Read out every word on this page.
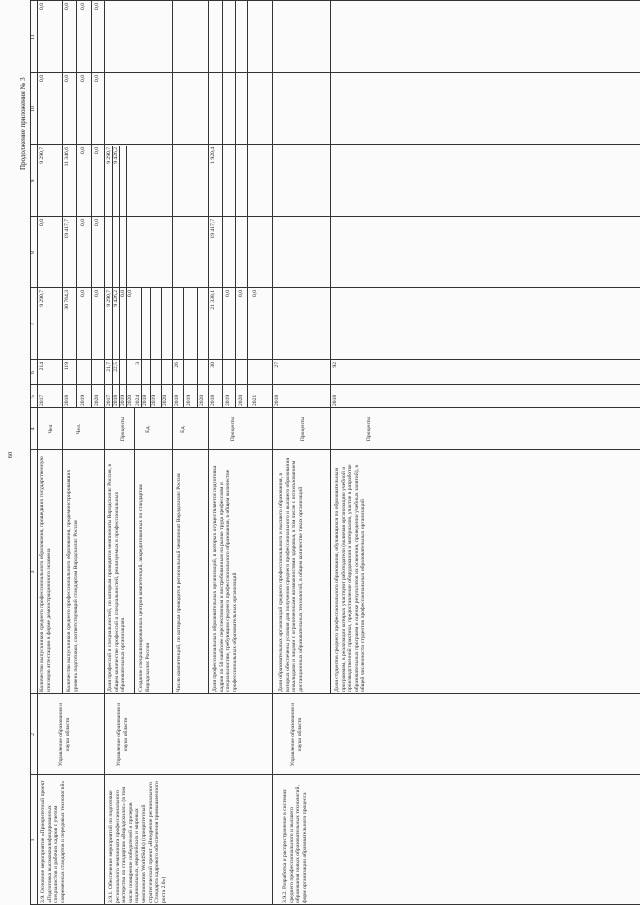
60
Продолжение приложения № 3
1
2
3
4
5
6
7
8
9
10
11
3.9. Основное мероприятие «Приоритетный проект «Подготовка высококвалифицированных специалистов и рабочих кадров с учетом современных стандартов и передовых технологий»
Управление образования и науки области
Количество выпускников среднего профессионального образования, прошедших государственную итоговую аттестацию в форме демонстрационного экзамена
Чел
2017
214
9 290,7
0,0
9 290,7
0,0
0,0
Количество выпускников среднего профессионального образования, продемонстрировавших уровень подготовки, соответствующий стандартам Ворлдскиллс Россия
Чел.
2018
119
30 764,3
19 417,7
11 346,6
0,0
0,0
2019
0,0
0,0
0,0
0,0
0,0
2020
0,0
0,0
0,0
0,0
0,0
3.9.1. Обеспечение мероприятий по подготовке регионального чемпионата профессионального мастерства по стандартам «Ворлдскиллс» (в том числе поощрение победителей и призеров национальных, европейских и мировых чемпионатов WorldSkills) (приоритетный стратегический проект «Внедрение регионального Стандарта кадрового обеспечения промышленного роста 2.0»)
Управление образования и науки области
Доля профессий и специальностей, по которым проводятся чемпионаты Ворлдскиллс Россия, в общем количестве профессий и специальностей, реализуемых в профессиональных образовательных организациях
Проценты
2017
21,7
9 290,7
9 290,7
2018
22,5
9 426,2
9 426,2
2019
0,0
2020
0,0
Создание специализированных центров компетенций, аккредитованных по стандартам Ворлдскиллс Россия
Ед.
2024
3
2018 2019 2020
Число компетенций, по которым проводится региональный чемпионат Ворлдскиллс Россия
Ед.
2018
26
2019 2020
Доля профессиональных образовательных организаций, в которых осуществляется подготовка кадров по 50 наиболее перспективным и востребованным на рынке труда профессиям и специальностям, требующим среднего профессионального образования, в общем количестве профессиональных образовательных организаций
Проценты
2018
30
21 338,1
19 417,7
1 920,4
2019
0,0
2020
0,0
2021
0,0
3.9.2. Разработка и распространение в системах среднего профессионального и высшего образования новых образовательных технологий, форм организации образовательного процесса
Управление образования и науки области
Доля образовательных организаций среднего профессионального и высшего образования, в которых обеспечены условия для получения среднего профессионального и высшего образования инвалидами и лицами с ограниченными возможностями здоровья, в том числе с использованием дистанционных образовательных технологий, в общем количестве таких организаций
Проценты
2018
27
Доля студентов среднего профессионального образования, обучающихся по образовательным программам, в реализации которых участвуют работодатели (включая организацию учебной и производственной практики, предоставление оборудования и материалов, участие в разработке образовательных программ и оценке результатов их освоения, проведении учебных занятий), в общей численности студентов профессиональных образовательных организаций
Проценты
2018
92
